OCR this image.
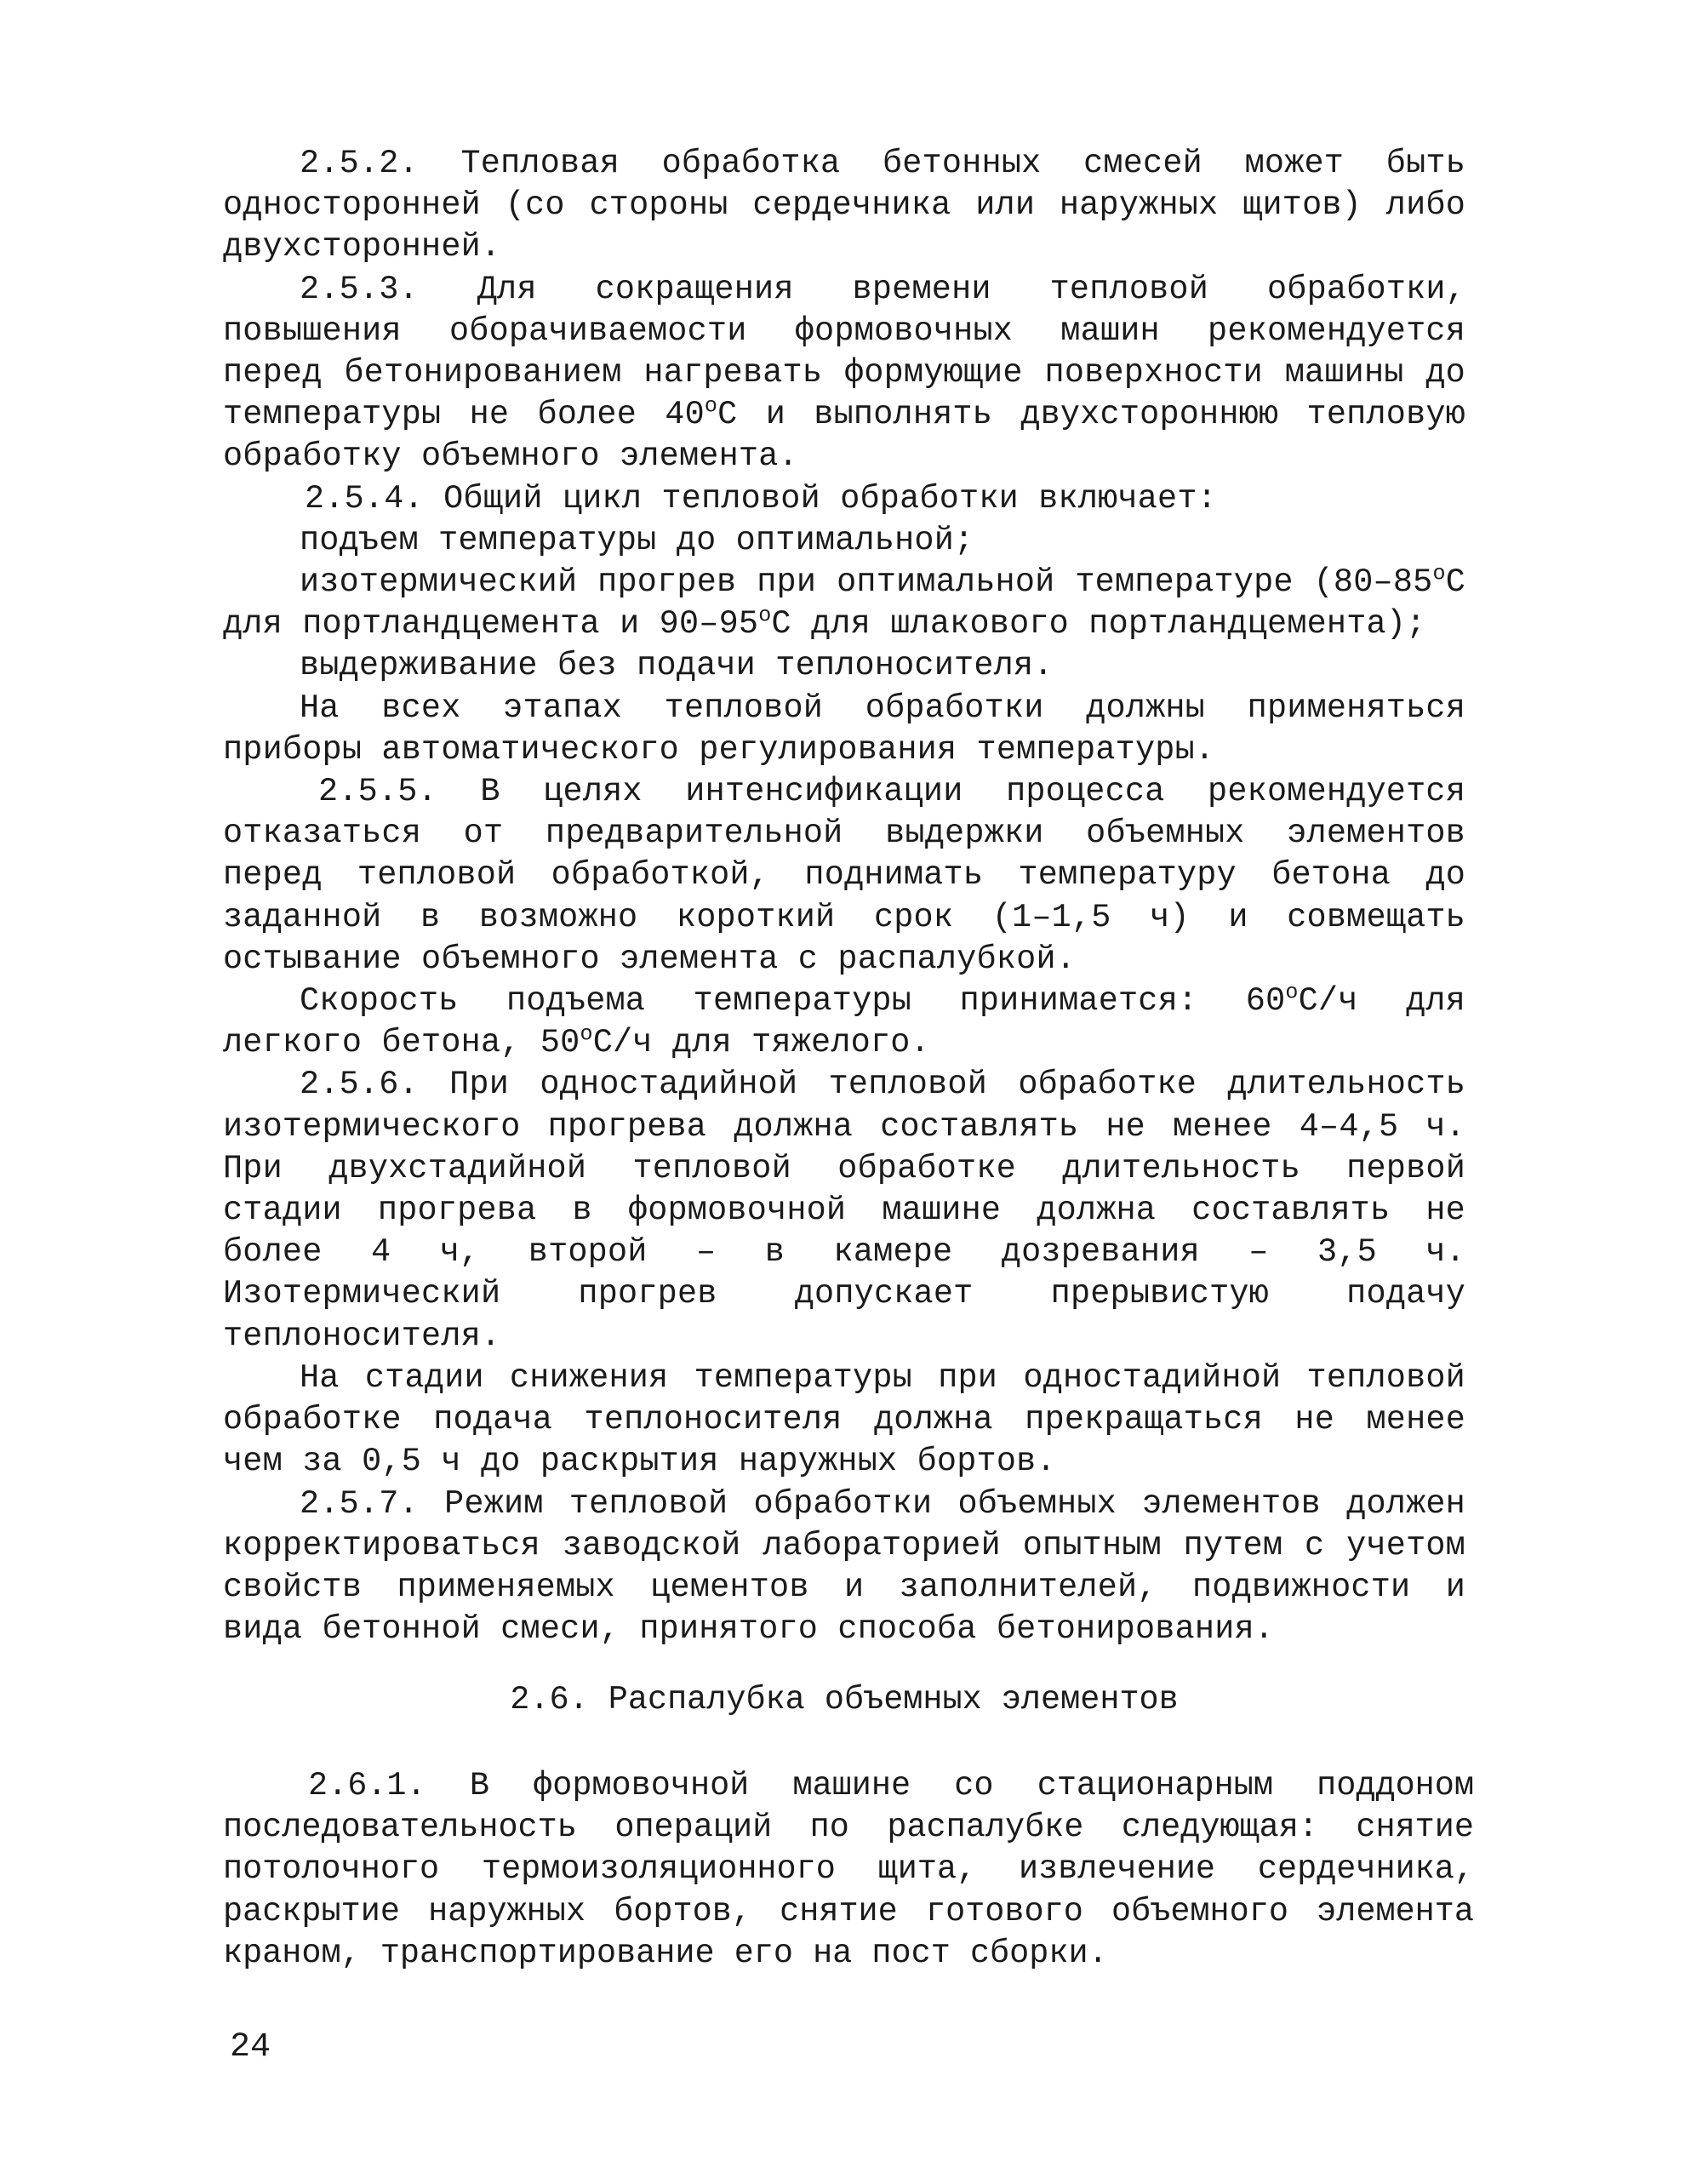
2.5.2. Тепловая обработка бетонных смесей может быть односторонней (со стороны сердечника или наружных щитов) либо двухсторонней.

2.5.3. Для сокращения времени тепловой обработки, повышения оборачиваемости формовочных машин рекомендуется перед бетонированием нагревать формующие поверхности машины до температуры не более 40$^o$С и выполнять двухстороннюю тепловую обработку объемного элемента.

2.5.4. Общий цикл тепловой обработки включает:

подъем температуры до оптимальной;

изотермический прогрев при оптимальной температуре (80–85$^o$С для портландцемента и 90–95$^o$С для шлакового портландцемента);

выдерживание без подачи теплоносителя.

На всех этапах тепловой обработки должны применяться приборы автоматического регулирования температуры.

2.5.5. В целях интенсификации процесса рекомендуется отказаться от предварительной выдержки объемных элементов перед тепловой обработкой, поднимать температуру бетона до заданной в возможно короткий срок (1–1,5 ч) и совмещать остывание объемного элемента с распалубкой.

Скорость подъема температуры принимается: 60$^o$С/ч для легкого бетона, 50$^o$С/ч для тяжелого.

2.5.6. При одностадийной тепловой обработке длительность изотермического прогрева должна составлять не менее 4–4,5 ч. При двухстадийной тепловой обработке длительность первой стадии прогрева в формовочной машине должна составлять не более 4 ч, второй – в камере дозревания – 3,5 ч. Изотермический прогрев допускает прерывистую подачу теплоносителя.

На стадии снижения температуры при одностадийной тепловой обработке подача теплоносителя должна прекращаться не менее чем за 0,5 ч до раскрытия наружных бортов.

2.5.7. Режим тепловой обработки объемных элементов должен корректироваться заводской лабораторией опытным путем с учетом свойств применяемых цементов и заполнителей, подвижности и вида бетонной смеси, принятого способа бетонирования.

2.6. Распалубка объемных элементов

2.6.1. В формовочной машине со стационарным поддоном последовательность операций по распалубке следующая: снятие потолочного термоизоляционного щита, извлечение сердечника, раскрытие наружных бортов, снятие готового объемного элемента краном, транспортирование его на пост сборки.

24
